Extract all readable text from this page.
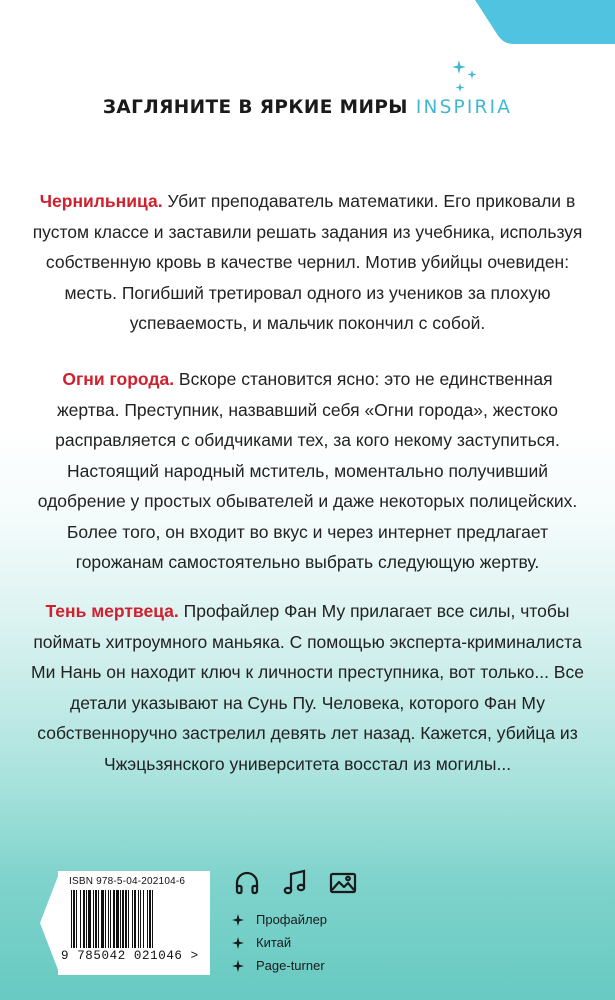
ЗАГЛЯНИТЕ В ЯРКИЕ МИРЫ INSPIRIA

Чернильница. Убит преподаватель математики. Его приковали в пустом классе и заставили решать задания из учебника, используя собственную кровь в качестве чернил. Мотив убийцы очевиден: месть. Погибший третировал одного из учеников за плохую успеваемость, и мальчик покончил с собой.

Огни города. Вскоре становится ясно: это не единственная жертва. Преступник, назвавший себя «Огни города», жестоко расправляется с обидчиками тех, за кого некому заступиться. Настоящий народный мститель, моментально получивший одобрение у простых обывателей и даже некоторых полицейских. Более того, он входит во вкус и через интернет предлагает горожанам самостоятельно выбрать следующую жертву.

Тень мертвеца. Профайлер Фан Му прилагает все силы, чтобы поймать хитроумного маньяка. С помощью эксперта-криминалиста Ми Нань он находит ключ к личности преступника, вот только... Все детали указывают на Сунь Пу. Человека, которого Фан Му собственноручно застрелил девять лет назад. Кажется, убийца из Чжэцьзянского университета восстал из могилы...

ISBN 978-5-04-202104-6
9 785042 021046 >
Профайлер
Китай
Page-turner
